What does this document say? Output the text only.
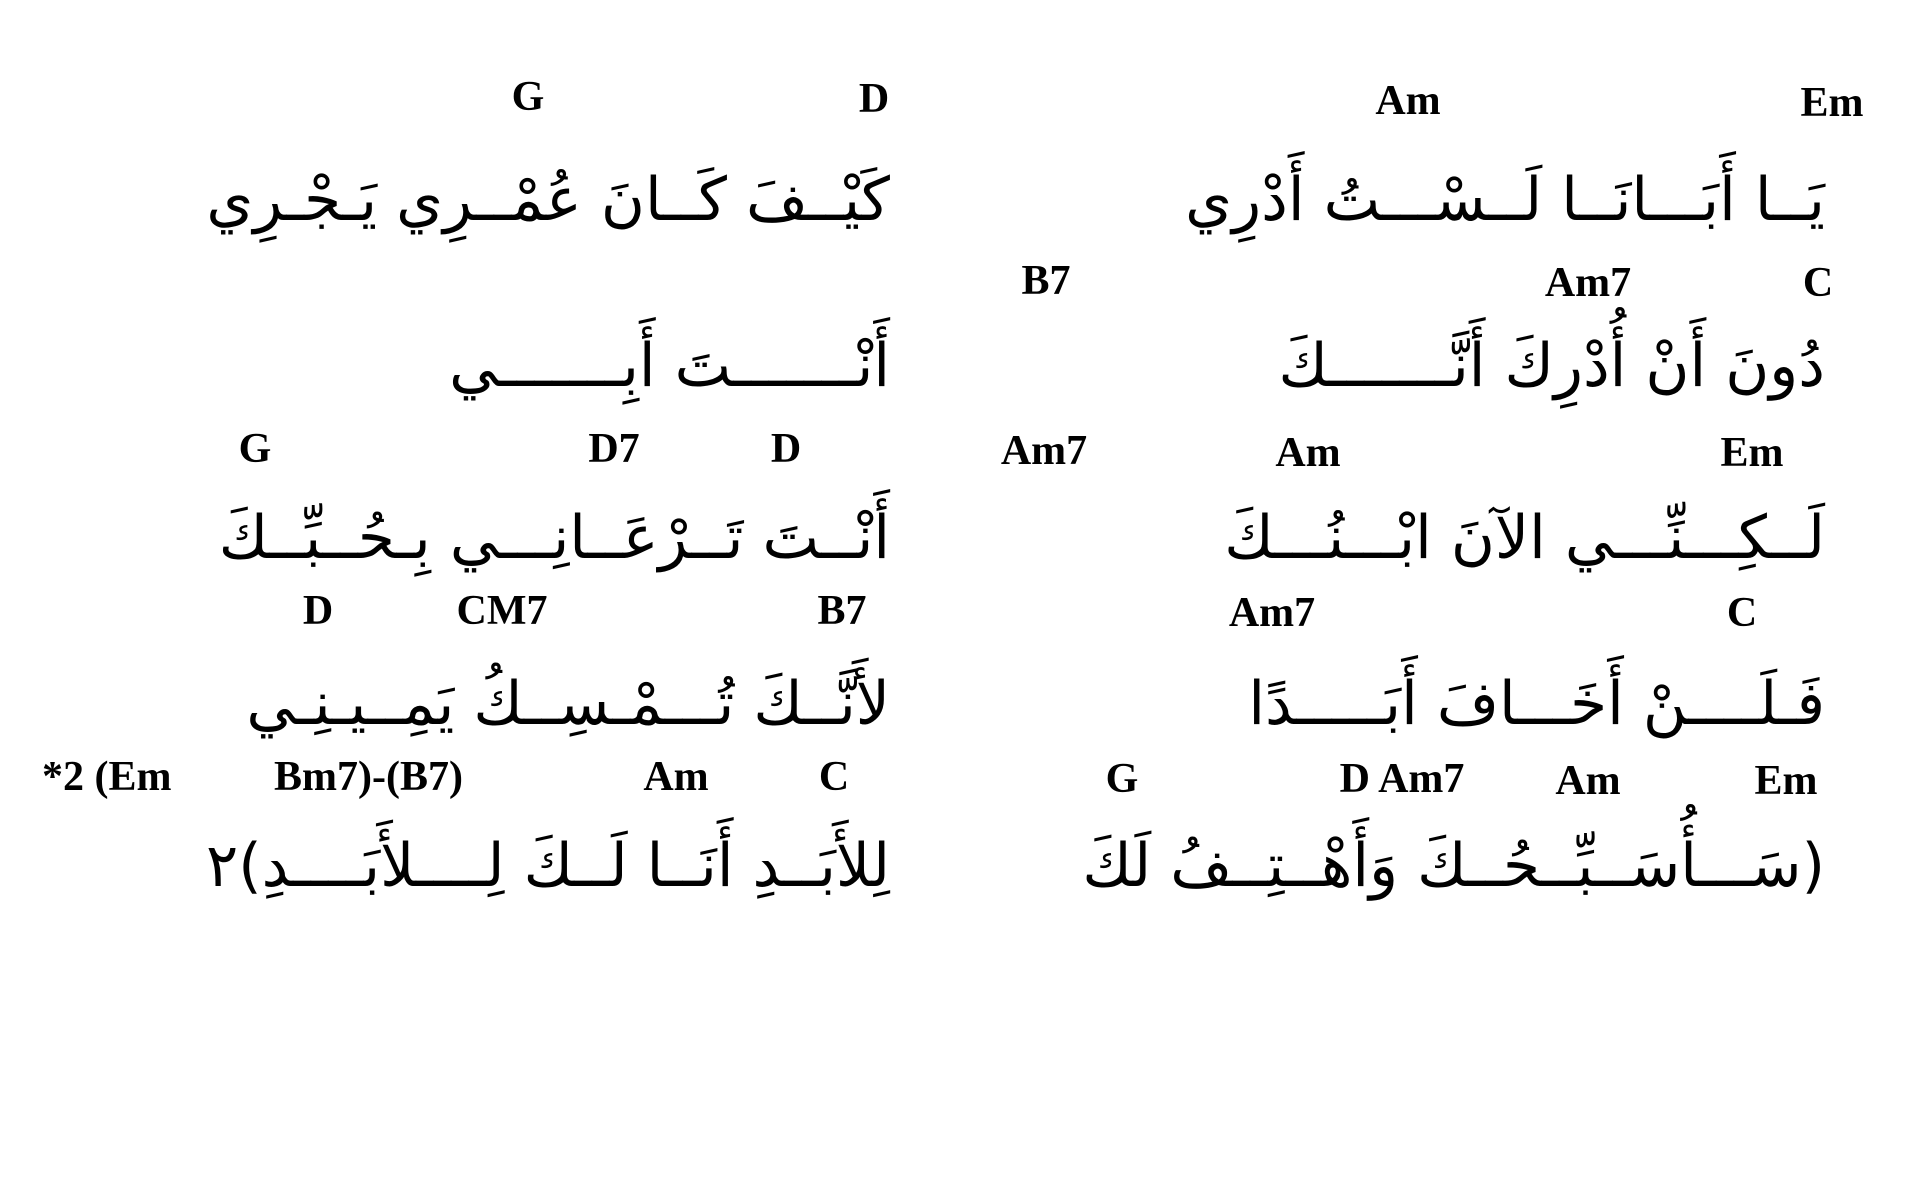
Em
Am
D
G
يَــا أَبَـــانَــا لَــسْـــتُ أَدْرِي
كَيْــفَ كَــانَ عُمْــرِي يَـجْـرِي
C
Am7
B7
دُونَ أَنْ أُدْرِكَ أَنَّـــــــكَ
أَنْـــــــتَ أَبِـــــــي
Em
Am
Am7
D
D7
G
لَــكِـــنِّـــي الآنَ ابْـــنُـــكَ
أَنْــتَ تَــرْعَــانِـــي بِـحُــبِّــكَ
C
Am7
B7
CM7
D
فَـلَــــنْ أَخَـــافَ أَبَـــــدًا
لأَنَّــكَ تُـــمْـسِــكُ يَمِــيـنِـي
Em
Am
D Am7
G
C
Am
Bm7)-(B7)
*2 (Em
(سَـــأُسَــبِّــحُــكَ وَأَهْــتِــفُ لَكَ
لِلأَبَــدِ أَنَــا لَــكَ لِــــلأَبَــــدِ)٢
